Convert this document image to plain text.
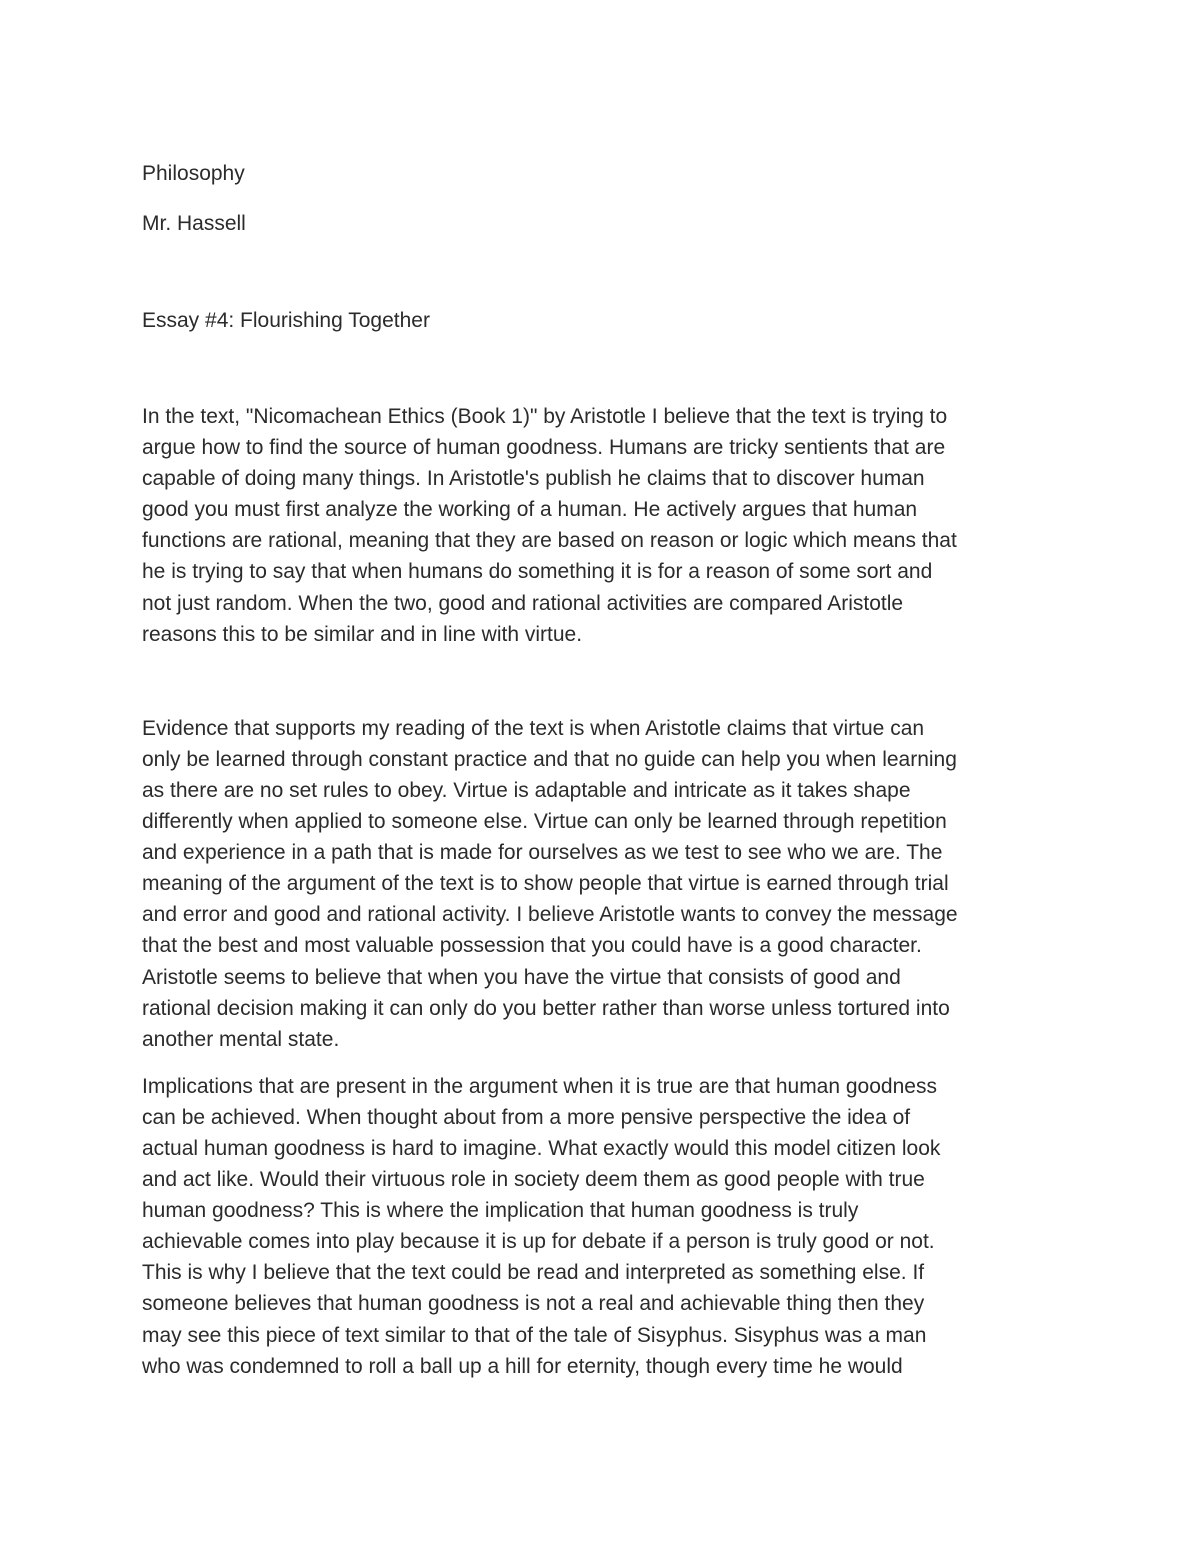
Philosophy

Mr. Hassell

Essay #4: Flourishing Together

In the text, "Nicomachean Ethics (Book 1)" by Aristotle I believe that the text is trying to
argue how to find the source of human goodness. Humans are tricky sentients that are
capable of doing many things. In Aristotle's publish he claims that to discover human
good you must first analyze the working of a human. He actively argues that human
functions are rational, meaning that they are based on reason or logic which means that
he is trying to say that when humans do something it is for a reason of some sort and
not just random. When the two, good and rational activities are compared Aristotle
reasons this to be similar and in line with virtue.

Evidence that supports my reading of the text is when Aristotle claims that virtue can
only be learned through constant practice and that no guide can help you when learning
as there are no set rules to obey. Virtue is adaptable and intricate as it takes shape
differently when applied to someone else. Virtue can only be learned through repetition
and experience in a path that is made for ourselves as we test to see who we are. The
meaning of the argument of the text is to show people that virtue is earned through trial
and error and good and rational activity. I believe Aristotle wants to convey the message
that the best and most valuable possession that you could have is a good character.
Aristotle seems to believe that when you have the virtue that consists of good and
rational decision making it can only do you better rather than worse unless tortured into
another mental state.

Implications that are present in the argument when it is true are that human goodness
can be achieved. When thought about from a more pensive perspective the idea of
actual human goodness is hard to imagine. What exactly would this model citizen look
and act like. Would their virtuous role in society deem them as good people with true
human goodness? This is where the implication that human goodness is truly
achievable comes into play because it is up for debate if a person is truly good or not.
This is why I believe that the text could be read and interpreted as something else. If
someone believes that human goodness is not a real and achievable thing then they
may see this piece of text similar to that of the tale of Sisyphus. Sisyphus was a man
who was condemned to roll a ball up a hill for eternity, though every time he would
